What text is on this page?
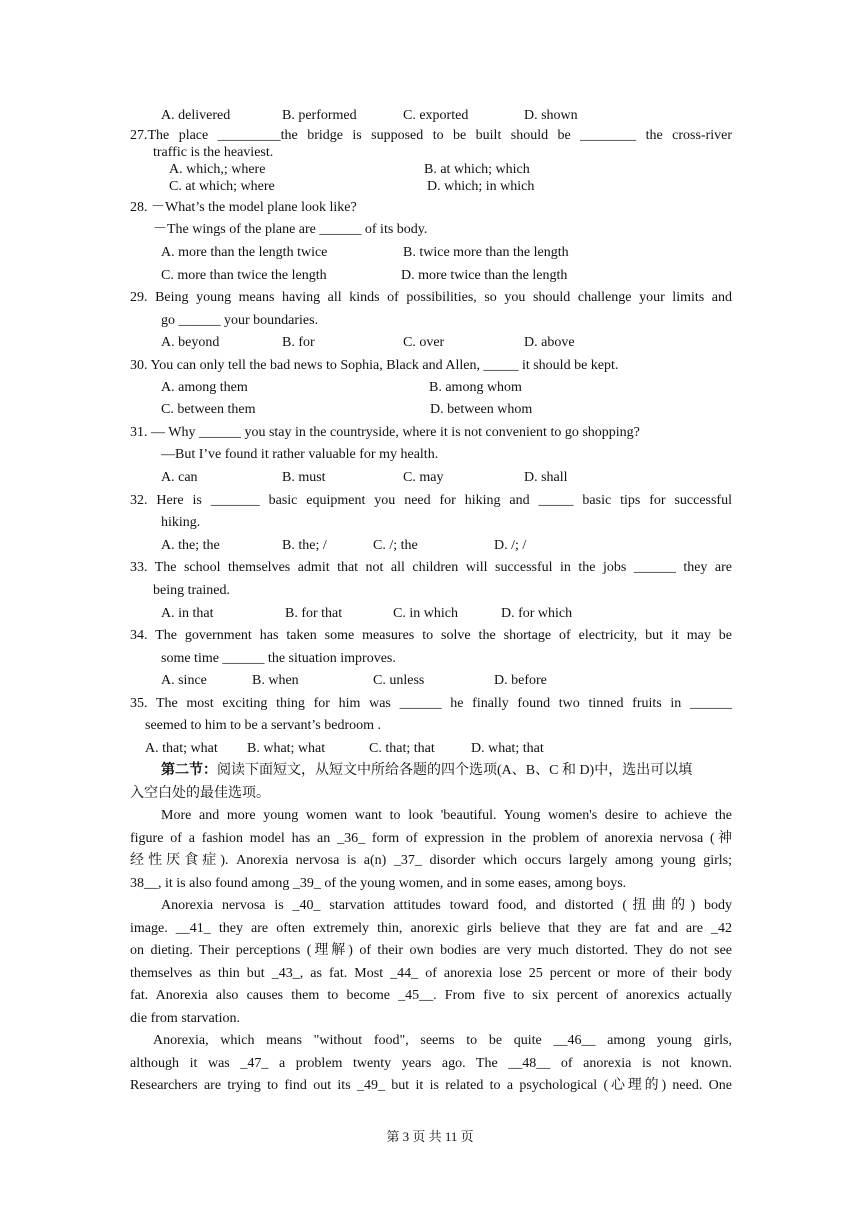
A. delivered	B. performed	C. exported	D. shown
27.The place _________the bridge is supposed to be built should be ________ the cross-river
traffic is the heaviest.
A. which,; where	B. at which; which
C. at which; where	D. which; in which
28. －What’s the model plane look like?
－The wings of the plane are ______ of its body.
A. more than the length twice	B. twice more than the length
C. more than twice the length	D. more twice than the length
29. Being young means having all kinds of possibilities, so you should challenge your limits and
go ______ your boundaries.
A. beyond	B. for	C. over	D. above
30. You can only tell the bad news to Sophia, Black and Allen, _____ it should be kept.
A. among them	B. among whom
C. between them	D. between whom
31. — Why ______ you stay in the countryside, where it is not convenient to go shopping?
—But I’ve found it rather valuable for my health.
A. can	B. must	C. may	D. shall
32. Here is _______ basic equipment you need for hiking and _____ basic tips for successful
hiking.
A. the; the	B. the; /	C. /; the	D. /; /
33. The school themselves admit that not all children will successful in the jobs ______ they are
being trained.
A. in that	B. for that	C. in which	D. for which
34. The government has taken some measures to solve the shortage of electricity, but it may be
some time ______ the situation improves.
A. since	B. when	C. unless	D. before
35. The most exciting thing for him was ______ he finally found two tinned fruits in ______
seemed to him to be a servant’s bedroom .
A. that; what B. what; what	C. that; that	D. what; that
第二节：阅读下面短文，从短文中所给各题的四个选项(A、B、C 和 D)中，选出可以填
入空白处的最佳选项。
More and more young women want to look 'beautiful. Young women's desire to achieve the
figure of a fashion model has an _36_ form of expression in the problem of anorexia nervosa (神
经性厌食症). Anorexia nervosa is a(n) _37_ disorder which occurs largely among young girls;
38__, it is also found among _39_ of the young women, and in some eases, among boys.
Anorexia nervosa is _40_ starvation attitudes toward food, and distorted (扭曲的) body
image. __41_ they are often extremely thin, anorexic girls believe that they are fat and are _42
on dieting. Their perceptions (理解) of their own bodies are very much distorted. They do not see
themselves as thin but _43_, as fat. Most _44_ of anorexia lose 25 percent or more of their body
fat. Anorexia also causes them to become _45__. From five to six percent of anorexics actually
die from starvation.
Anorexia, which means "without food", seems to be quite __46__ among young girls,
although it was _47_ a problem twenty years ago. The __48__ of anorexia is not known.
Researchers are trying to find out its _49_ but it is related to a psychological (心理的) need. One
第 3 页 共 11 页
